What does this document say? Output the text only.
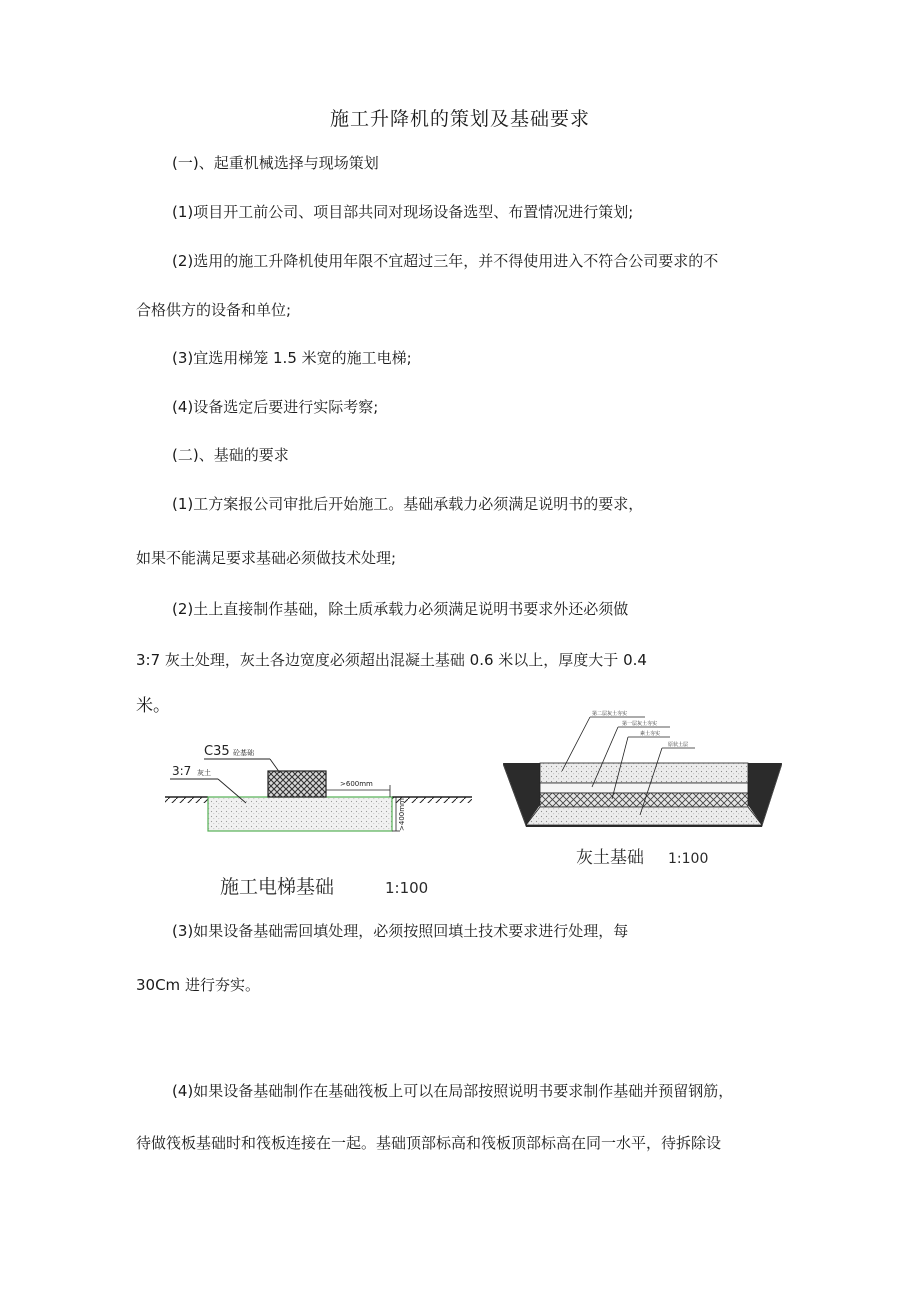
施工升降机的策划及基础要求
(一)、起重机械选择与现场策划
(1)项目开工前公司、项目部共同对现场设备选型、布置情况进行策划;
(2)选用的施工升降机使用年限不宜超过三年，并不得使用进入不符合公司要求的不
合格供方的设备和单位;
(3)宜选用梯笼 1.5 米宽的施工电梯;
(4)设备选定后要进行实际考察;
(二)、基础的要求
(1)工方案报公司审批后开始施工。基础承载力必须满足说明书的要求，
如果不能满足要求基础必须做技术处理;
(2)土上直接制作基础，除土质承载力必须满足说明书要求外还必须做
3:7 灰土处理，灰土各边宽度必须超出混凝土基础 0.6 米以上，厚度大于 0.4
米。
C35 砼基础
3:7 灰土
>600mm
>400mm
施工电梯基础	1:100
第二层灰土夯实
第一层灰土夯实
素土夯实
原状土层
灰土基础 1:100
(3)如果设备基础需回填处理，必须按照回填土技术要求进行处理，每
30Cm 进行夯实。
(4)如果设备基础制作在基础筏板上可以在局部按照说明书要求制作基础并预留钢筋，
待做筏板基础时和筏板连接在一起。基础顶部标高和筏板顶部标高在同一水平，待拆除设
